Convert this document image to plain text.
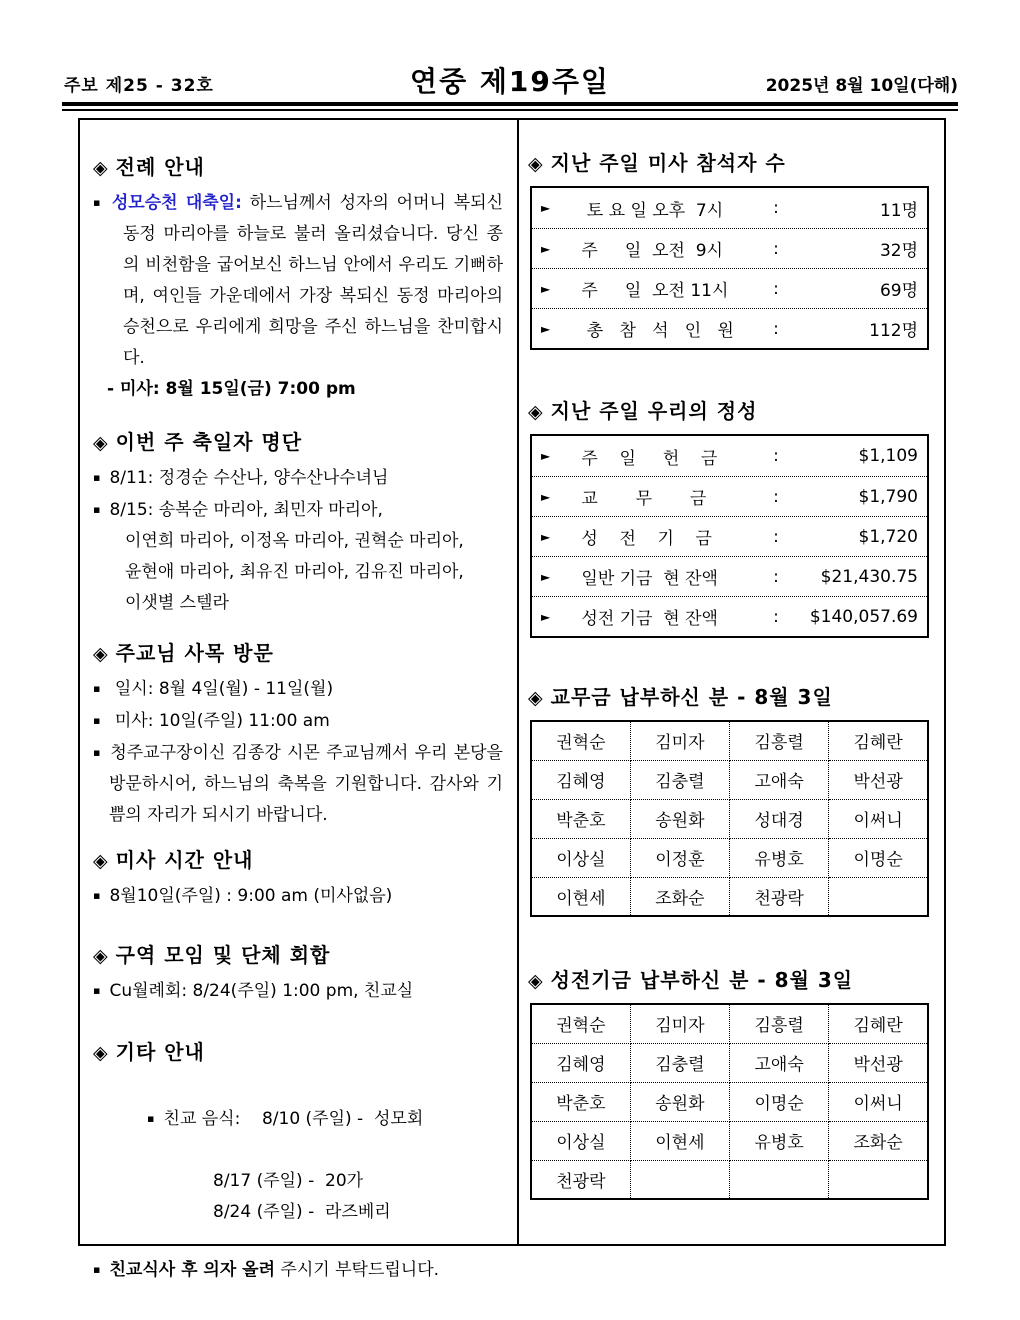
주보 제25 - 32호	연중 제19주일	2025년 8월 10일(다해)
◈ 전례 안내

▪ 성모승천 대축일: 하느님께서 성자의 어머니 복되신 동정 마리아를 하늘로 불러 올리셨습니다. 당신 종의 비천함을 굽어보신 하느님 안에서 우리도 기뻐하며, 여인들 가운데에서 가장 복되신 동정 마리아의 승천으로 우리에게 희망을 주신 하느님을 찬미합시다.

- 미사: 8월 15일(금) 7:00 pm
◈ 이번 주 축일자 명단
▪ 8/11: 정경순 수산나, 양수산나수녀님
▪ 8/15: 송복순 마리아, 최민자 마리아,
이연희 마리아, 이정옥 마리아, 권혁순 마리아,
윤현애 마리아, 최유진 마리아, 김유진 마리아,
이샛별 스텔라
◈ 주교님 사목 방문
▪ 일시: 8월 4일(월) - 11일(월)
▪ 미사: 10일(주일) 11:00 am
▪ 청주교구장이신 김종강 시몬 주교님께서 우리 본당을 방문하시어, 하느님의 축복을 기원합니다. 감사와 기쁨의 자리가 되시기 바랍니다.
◈ 미사 시간 안내
▪ 8월10일(주일) : 9:00 am (미사없음)
◈ 구역 모임 및 단체 회합
▪ Cu월례회: 8/24(주일) 1:00 pm, 친교실
◈ 기타 안내

▪ 친교 음식: 8/10 (주일) -  성모회

8/17 (주일) -  20가
8/24 (주일) -  라즈베리
▪ 친교식사 후 의자 올려 주시기 부탁드립니다.
◈ 지난 주일 미사 참석자 수
►	토 요 일 오후  7시	:	11명
►	주     일  오전  9시	:	32명
►	주     일  오전 11시	:	69명
►	총   참   석   인   원	:	112명
◈ 지난 주일 우리의 정성
►	주    일     헌    금	:	$1,109
►	교       무       금	:	$1,790
►	성    전    기    금	:	$1,720
►	일반 기금  현 잔액	:	$21,430.75
►	성전 기금  현 잔액	:	$140,057.69
◈ 교무금 납부하신 분 - 8월 3일
권혁순	김미자	김흥렬	김혜란
김혜영	김충렬	고애숙	박선광
박춘호	송원화	성대경	이써니
이상실	이정훈	유병호	이명순
이현세	조화순	천광락	
◈ 성전기금 납부하신 분 - 8월 3일
권혁순	김미자	김흥렬	김혜란
김혜영	김충렬	고애숙	박선광
박춘호	송원화	이명순	이써니
이상실	이현세	유병호	조화순
천광락			
